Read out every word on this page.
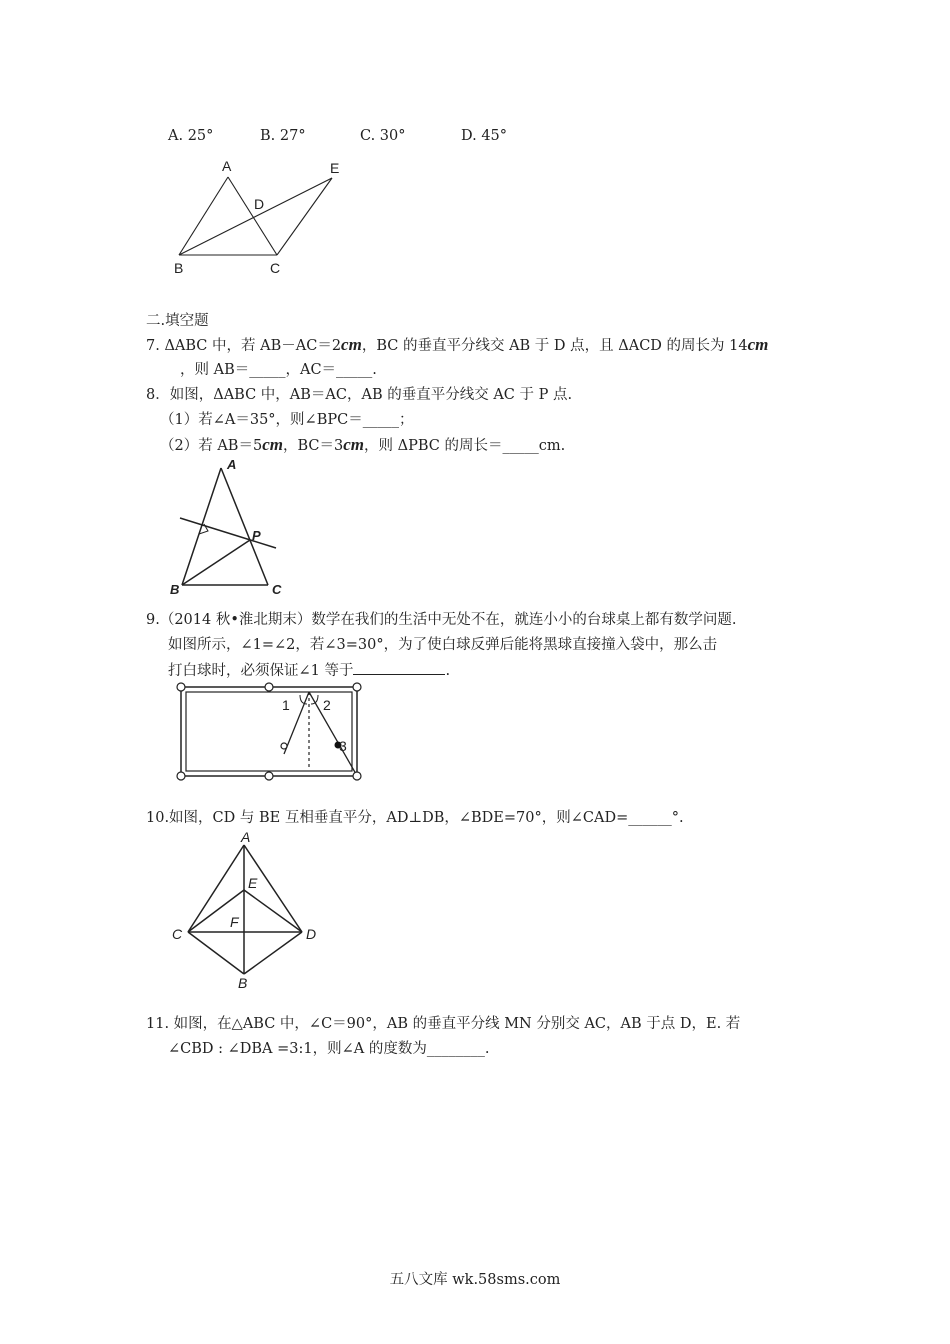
A. 25°	B. 27°	C. 30°	D. 45°
A	E
D
B	C
二.填空题
7. ΔABC 中，若 AB－AC＝2cm，BC 的垂直平分线交 AB 于 D 点，且 ΔACD 的周长为 14cm
，则 AB＝_____，AC＝_____.
8．如图，ΔABC 中，AB＝AC，AB 的垂直平分线交 AC 于 P 点.
（1）若∠A＝35°，则∠BPC＝_____；
（2）若 AB＝5cm，BC＝3cm，则 ΔPBC 的周长＝_____cm.
A
P
B	C
9.（2014 秋•淮北期末）数学在我们的生活中无处不在，就连小小的台球桌上都有数学问题.
如图所示，∠1=∠2，若∠3=30°，为了使白球反弹后能将黑球直接撞入袋中，那么击
打白球时，必须保证∠1 等于	.
1 2
3
10.如图，CD 与 BE 互相垂直平分，AD⊥DB，∠BDE=70°，则∠CAD=______°.
A
E
F
C	D
B
11. 如图，在△ABC 中，∠C＝90°，AB 的垂直平分线 MN 分别交 AC，AB 于点 D，E. 若
∠CBD : ∠DBA =3:1，则∠A 的度数为________.
五八文库 wk.58sms.com
